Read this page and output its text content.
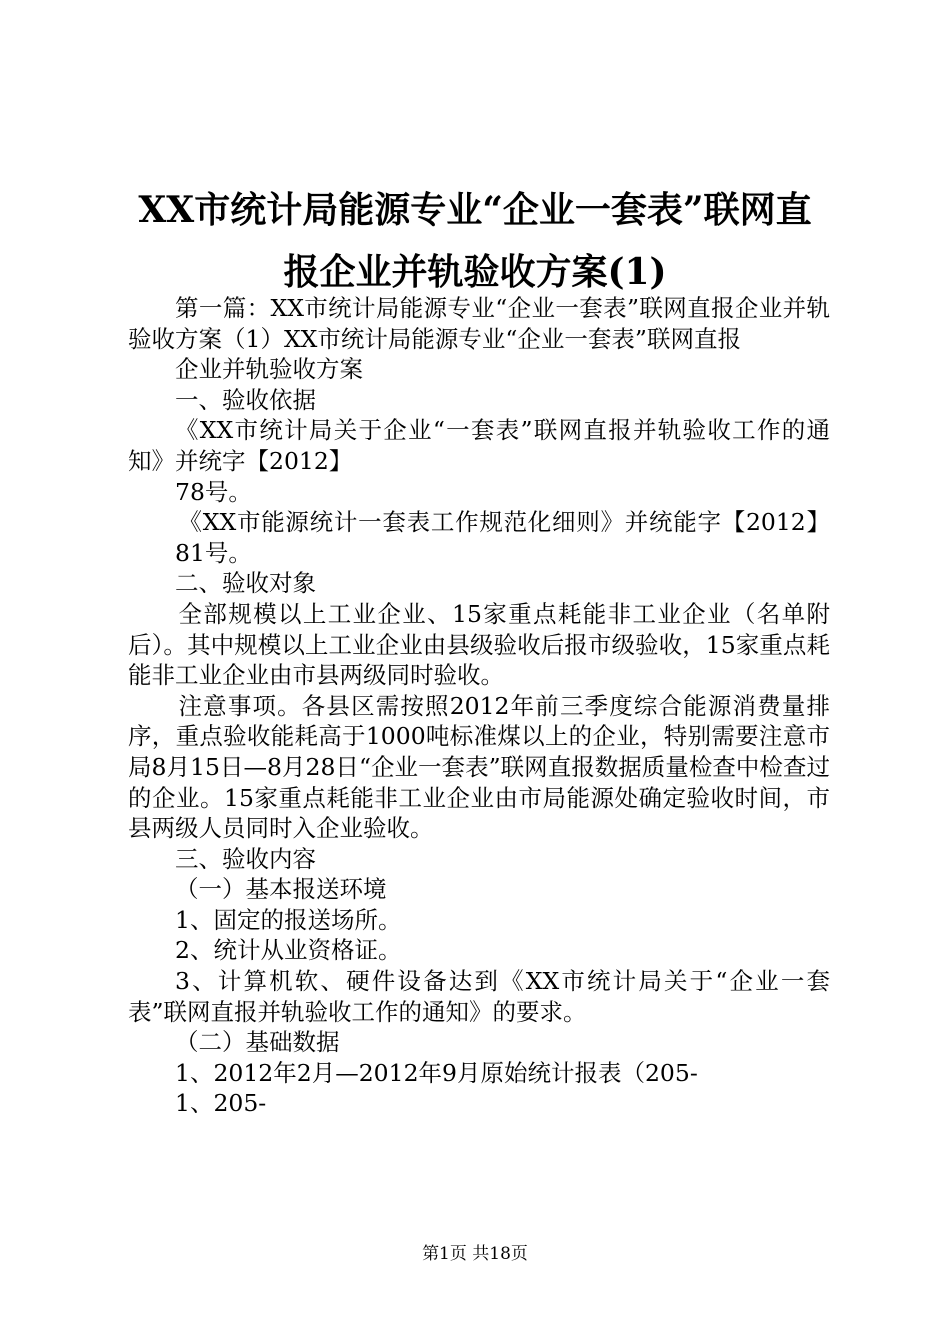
XX市统计局能源专业“企业一套表”联网直
报企业并轨验收方案(1)

第一篇：XX市统计局能源专业“企业一套表”联网直报企业并轨验收方案（1）XX市统计局能源专业“企业一套表”联网直报

企业并轨验收方案

一、验收依据

《XX市统计局关于企业“一套表”联网直报并轨验收工作的通知》并统字【2012】

78号。

《XX市能源统计一套表工作规范化细则》并统能字【2012】

81号。

二、验收对象

全部规模以上工业企业、15家重点耗能非工业企业（名单附后）。其中规模以上工业企业由县级验收后报市级验收，15家重点耗能非工业企业由市县两级同时验收。

注意事项。各县区需按照2012年前三季度综合能源消费量排序，重点验收能耗高于1000吨标准煤以上的企业，特别需要注意市局8月15日—8月28日“企业一套表”联网直报数据质量检查中检查过的企业。15家重点耗能非工业企业由市局能源处确定验收时间，市县两级人员同时入企业验收。

三、验收内容

（一）基本报送环境

1、固定的报送场所。

2、统计从业资格证。

3、计算机软、硬件设备达到《XX市统计局关于“企业一套表”联网直报并轨验收工作的通知》的要求。

（二）基础数据

1、2012年2月—2012年9月原始统计报表（205-

1、205-

第1页 共18页
